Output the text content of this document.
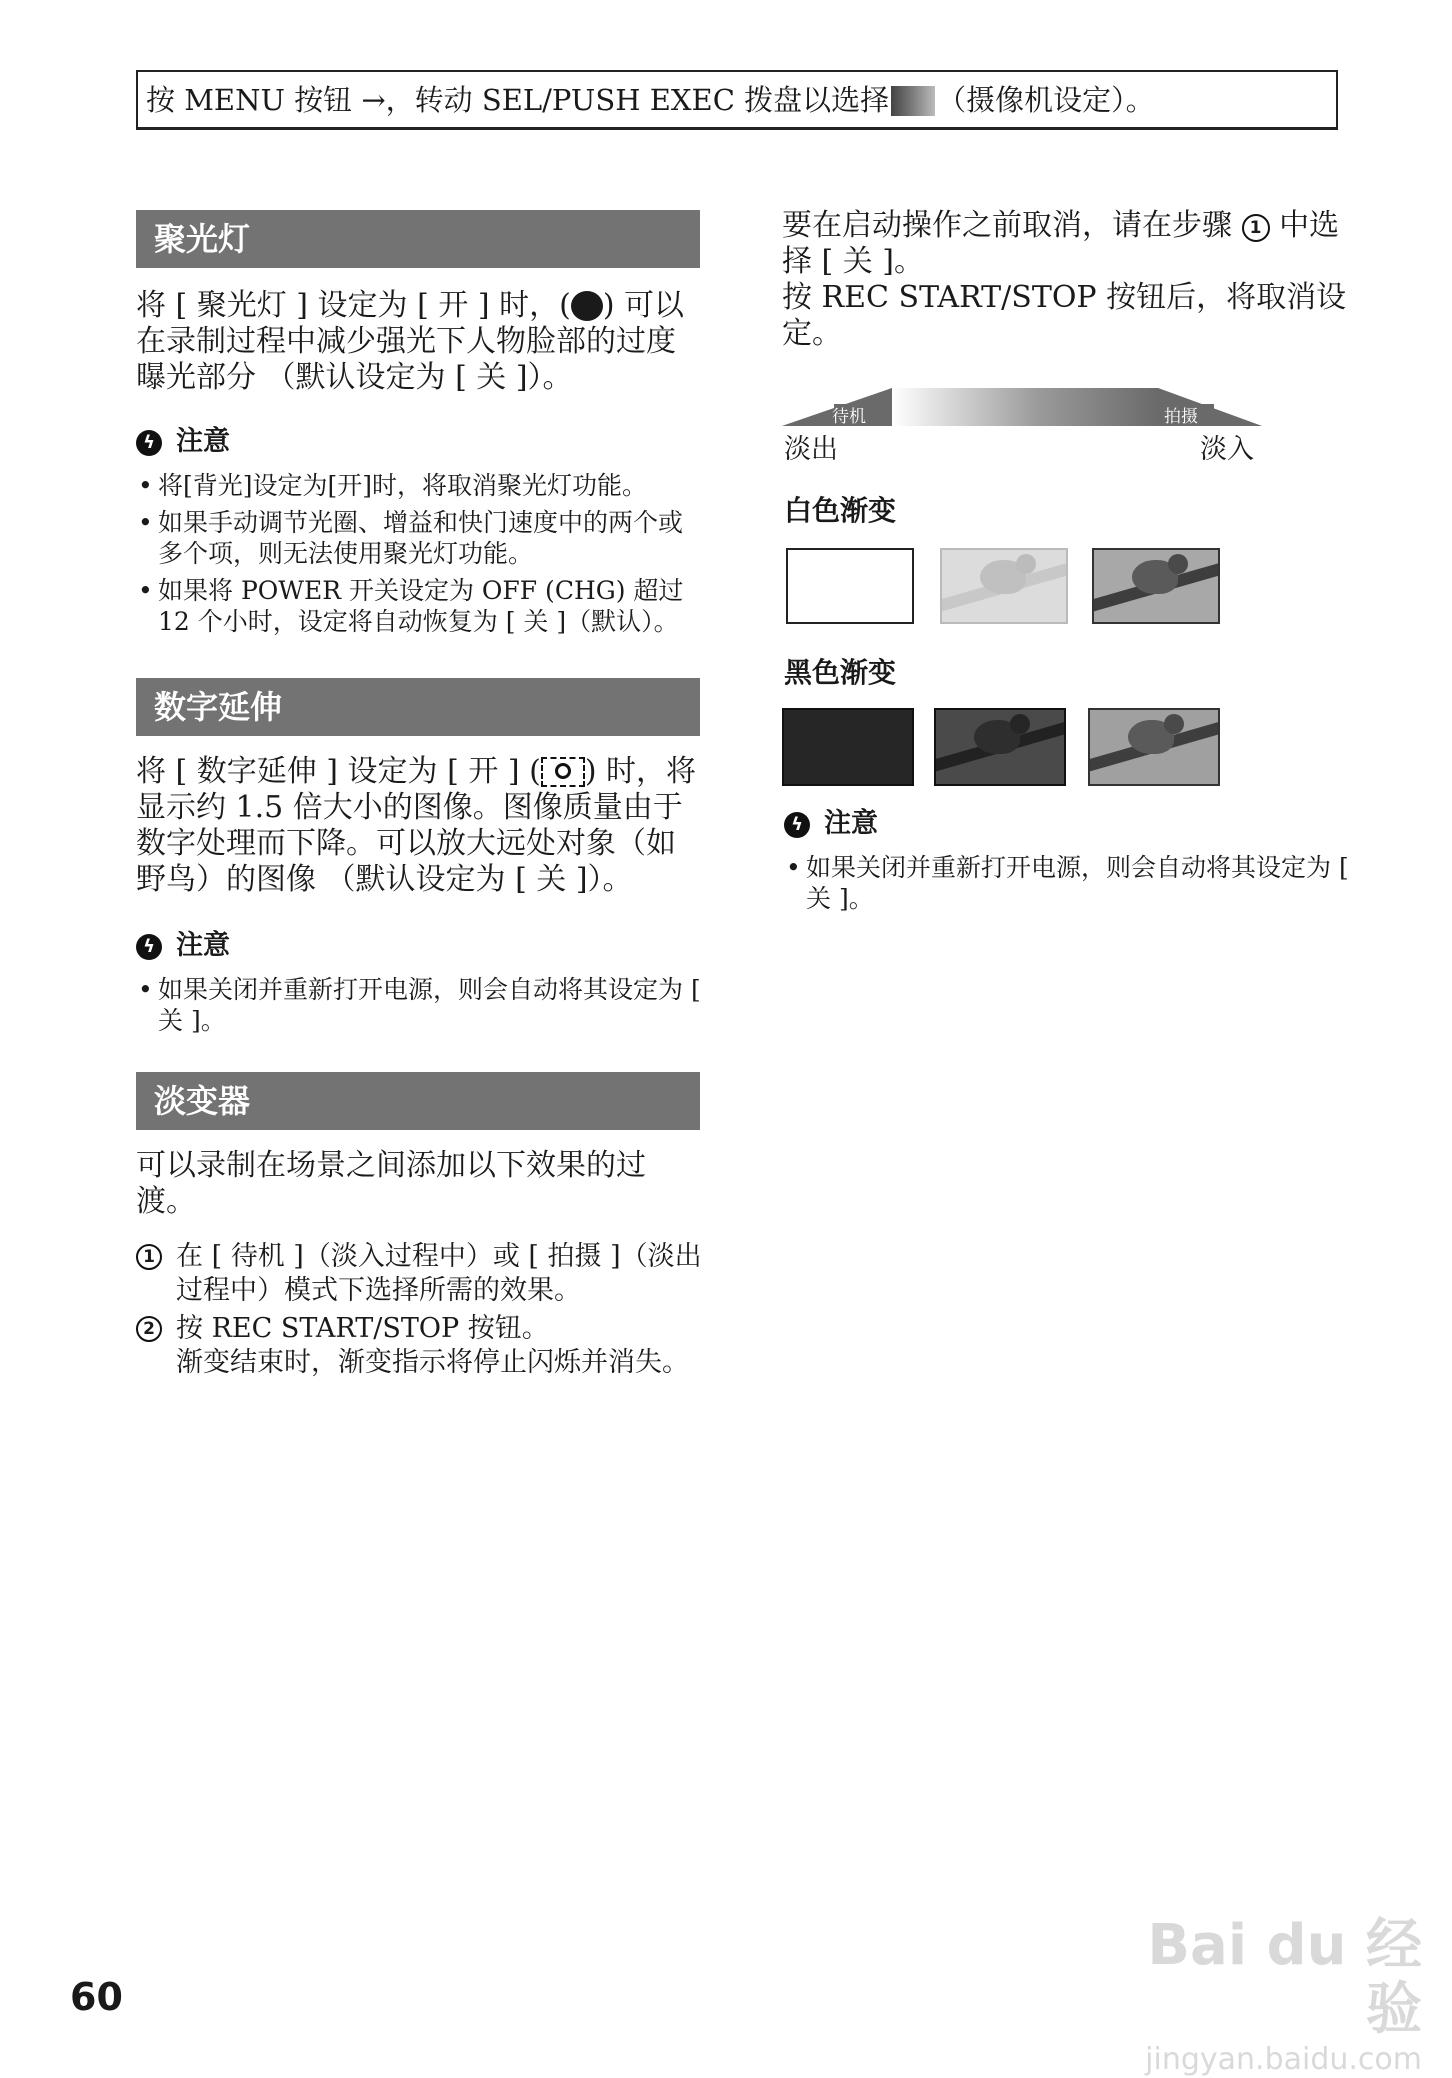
按 MENU 按钮 →，转动 SEL/PUSH EXEC 拨盘以选择 （摄像机设定）。
聚光灯
将 [ 聚光灯 ] 设定为 [ 开 ] 时，( ) 可以在录制过程中减少强光下人物脸部的过度曝光部分 （默认设定为 [ 关 ]）。
ϟ 注意
• 将[背光]设定为[开]时，将取消聚光灯功能。
• 如果手动调节光圈、增益和快门速度中的两个或多个项，则无法使用聚光灯功能。
• 如果将 POWER 开关设定为 OFF (CHG) 超过 12 个小时，设定将自动恢复为 [ 关 ]（默认）。
数字延伸
将 [ 数字延伸 ] 设定为 [ 开 ] ( ) 时，将显示约 1.5 倍大小的图像。图像质量由于数字处理而下降。可以放大远处对象（如野鸟）的图像 （默认设定为 [ 关 ]）。
ϟ 注意
• 如果关闭并重新打开电源，则会自动将其设定为 [ 关 ]。
淡变器
可以录制在场景之间添加以下效果的过渡。
1 在 [ 待机 ]（淡入过程中）或 [ 拍摄 ]（淡出过程中）模式下选择所需的效果。
2 按 REC START/STOP 按钮。
渐变结束时，渐变指示将停止闪烁并消失。
要在启动操作之前取消，请在步骤 1 中选择 [ 关 ]。
按 REC START/STOP 按钮后，将取消设定。
待机	拍摄
淡出	淡入
白色渐变
黑色渐变
ϟ 注意
• 如果关闭并重新打开电源，则会自动将其设定为 [ 关 ]。
60
Bai du 经验
jingyan.baidu.com
